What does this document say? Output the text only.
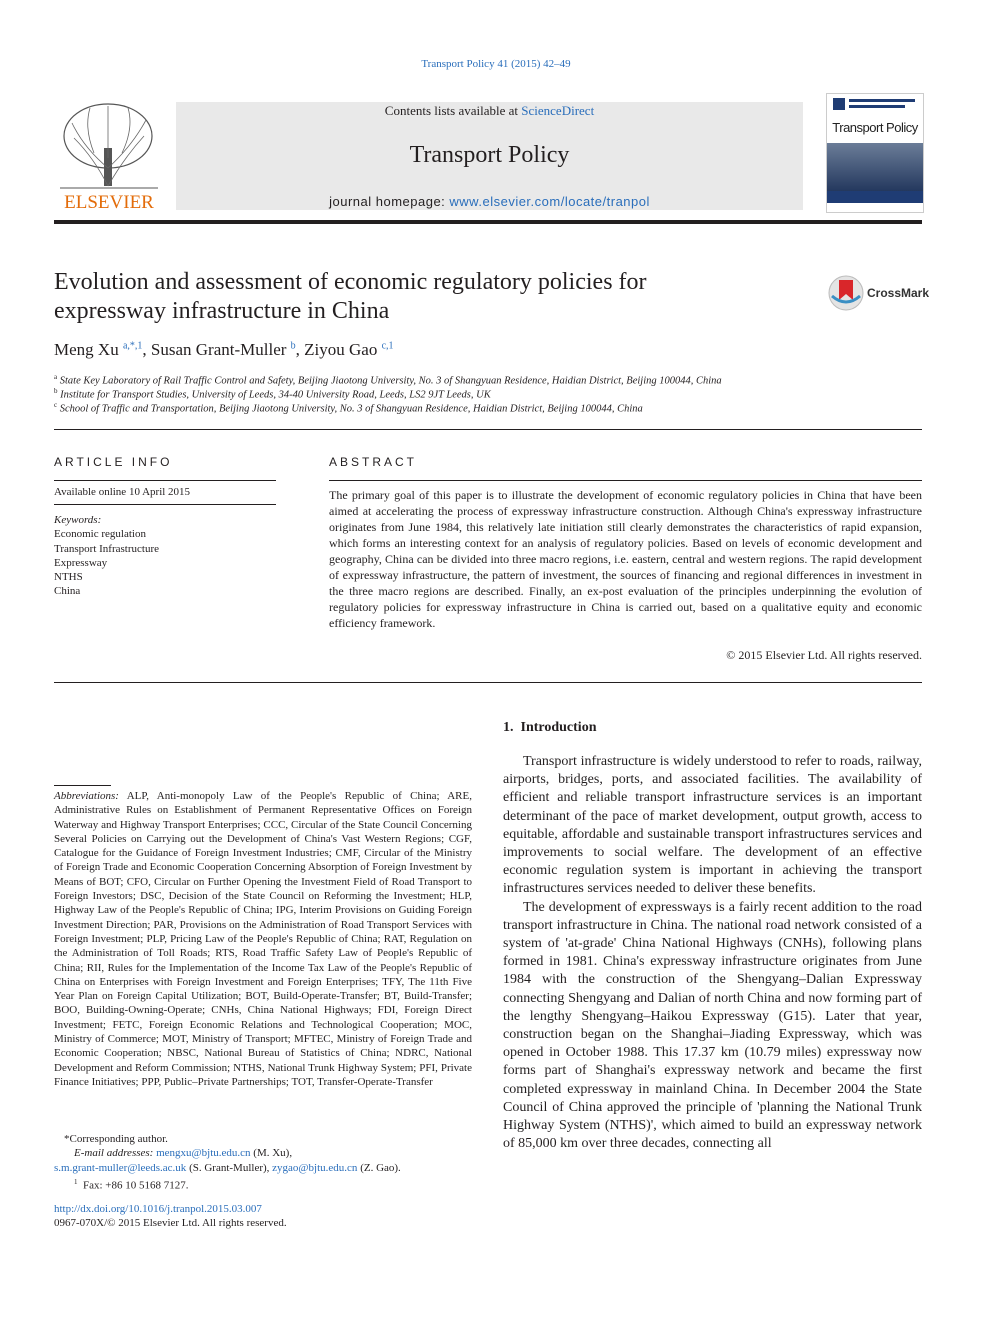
Transport Policy 41 (2015) 42–49
ELSEVIER
Contents lists available at ScienceDirect
Transport Policy
journal homepage: www.elsevier.com/locate/tranpol
Transport Policy
Evolution and assessment of economic regulatory policies for
expressway infrastructure in China
CrossMark
Meng Xu $^{a,*,1}$, Susan Grant-Muller $^b$, Ziyou Gao $^{c,1}$
$^a$ State Key Laboratory of Rail Traffic Control and Safety, Beijing Jiaotong University, No. 3 of Shangyuan Residence, Haidian District, Beijing 100044, China
$^b$ Institute for Transport Studies, University of Leeds, 34-40 University Road, Leeds, LS2 9JT Leeds, UK
$^c$ School of Traffic and Transportation, Beijing Jiaotong University, No. 3 of Shangyuan Residence, Haidian District, Beijing 100044, China
ARTICLE INFO	ABSTRACT
Available online 10 April 2015
Keywords:
Economic regulation
Transport Infrastructure
Expressway
NTHS
China
The primary goal of this paper is to illustrate the development of economic regulatory policies in China that have been aimed at accelerating the process of expressway infrastructure construction. Although China's expressway infrastructure originates from June 1984, this relatively late initiation still clearly demonstrates the characteristics of rapid expansion, which forms an interesting context for an analysis of regulatory policies. Based on levels of economic development and geography, China can be divided into three macro regions, i.e. eastern, central and western regions. The rapid development of expressway infrastructure, the pattern of investment, the sources of financing and regional differences in investment in the three macro regions are described. Finally, an ex-post evaluation of the principles underpinning the evolution of regulatory policies for expressway infrastructure in China is carried out, based on a qualitative equity and economic efficiency framework.
© 2015 Elsevier Ltd. All rights reserved.
Abbreviations: ALP, Anti-monopoly Law of the People's Republic of China; ARE, Administrative Rules on Establishment of Permanent Representative Offices on Foreign Waterway and Highway Transport Enterprises; CCC, Circular of the State Council Concerning Several Policies on Carrying out the Development of China's Vast Western Regions; CGF, Catalogue for the Guidance of Foreign Investment Industries; CMF, Circular of the Ministry of Foreign Trade and Economic Cooperation Concerning Absorption of Foreign Investment by Means of BOT; CFO, Circular on Further Opening the Investment Field of Road Transport to Foreign Investors; DSC, Decision of the State Council on Reforming the Investment; HLP, Highway Law of the People's Republic of China; IPG, Interim Provisions on Guiding Foreign Investment Direction; PAR, Provisions on the Administration of Road Transport Services with Foreign Investment; PLP, Pricing Law of the People's Republic of China; RAT, Regulation on the Administration of Toll Roads; RTS, Road Traffic Safety Law of People's Republic of China; RII, Rules for the Implementation of the Income Tax Law of the People's Republic of China on Enterprises with Foreign Investment and Foreign Enterprises; TFY, The 11th Five Year Plan on Foreign Capital Utilization; BOT, Build-Operate-Transfer; BT, Build-Transfer; BOO, Building-Owning-Operate; CNHs, China National Highways; FDI, Foreign Direct Investment; FETC, Foreign Economic Relations and Technological Cooperation; MOC, Ministry of Commerce; MOT, Ministry of Transport; MFTEC, Ministry of Foreign Trade and Economic Cooperation; NBSC, National Bureau of Statistics of China; NDRC, National Development and Reform Commission; NTHS, National Trunk Highway System; PFI, Private Finance Initiatives; PPP, Public–Private Partnerships; TOT, Transfer-Operate-Transfer
*Corresponding author.
E-mail addresses: mengxu@bjtu.edu.cn (M. Xu),
s.m.grant-muller@leeds.ac.uk (S. Grant-Muller), zygao@bjtu.edu.cn (Z. Gao).
$^1$ Fax: +86 10 5168 7127.
http://dx.doi.org/10.1016/j.tranpol.2015.03.007
0967-070X/© 2015 Elsevier Ltd. All rights reserved.
1.  Introduction

Transport infrastructure is widely understood to refer to roads, railway, airports, bridges, ports, and associated facilities. The availability of efficient and reliable transport infrastructure services is an important determinant of the pace of market development, output growth, access to equitable, affordable and sustainable transport infrastructures services and improvements to social welfare. The development of an effective economic regulation system is important in achieving the transport infrastructures services needed to deliver these benefits.

The development of expressways is a fairly recent addition to the road transport infrastructure in China. The national road network consisted of a system of 'at-grade' China National Highways (CNHs), following plans formed in 1981. China's expressway infrastructure originates from June 1984 with the construction of the Shengyang–Dalian Expressway connecting Shengyang and Dalian of north China and now forming part of the lengthy Shengyang–Haikou Expressway (G15). Later that year, construction began on the Shanghai–Jiading Expressway, which was opened in October 1988. This 17.37 km (10.79 miles) expressway now forms part of Shanghai's expressway network and became the first completed expressway in mainland China. In December 2004 the State Council of China approved the principle of 'planning the National Trunk Highway System (NTHS)', which aimed to build an expressway network of 85,000 km over three decades, connecting all
